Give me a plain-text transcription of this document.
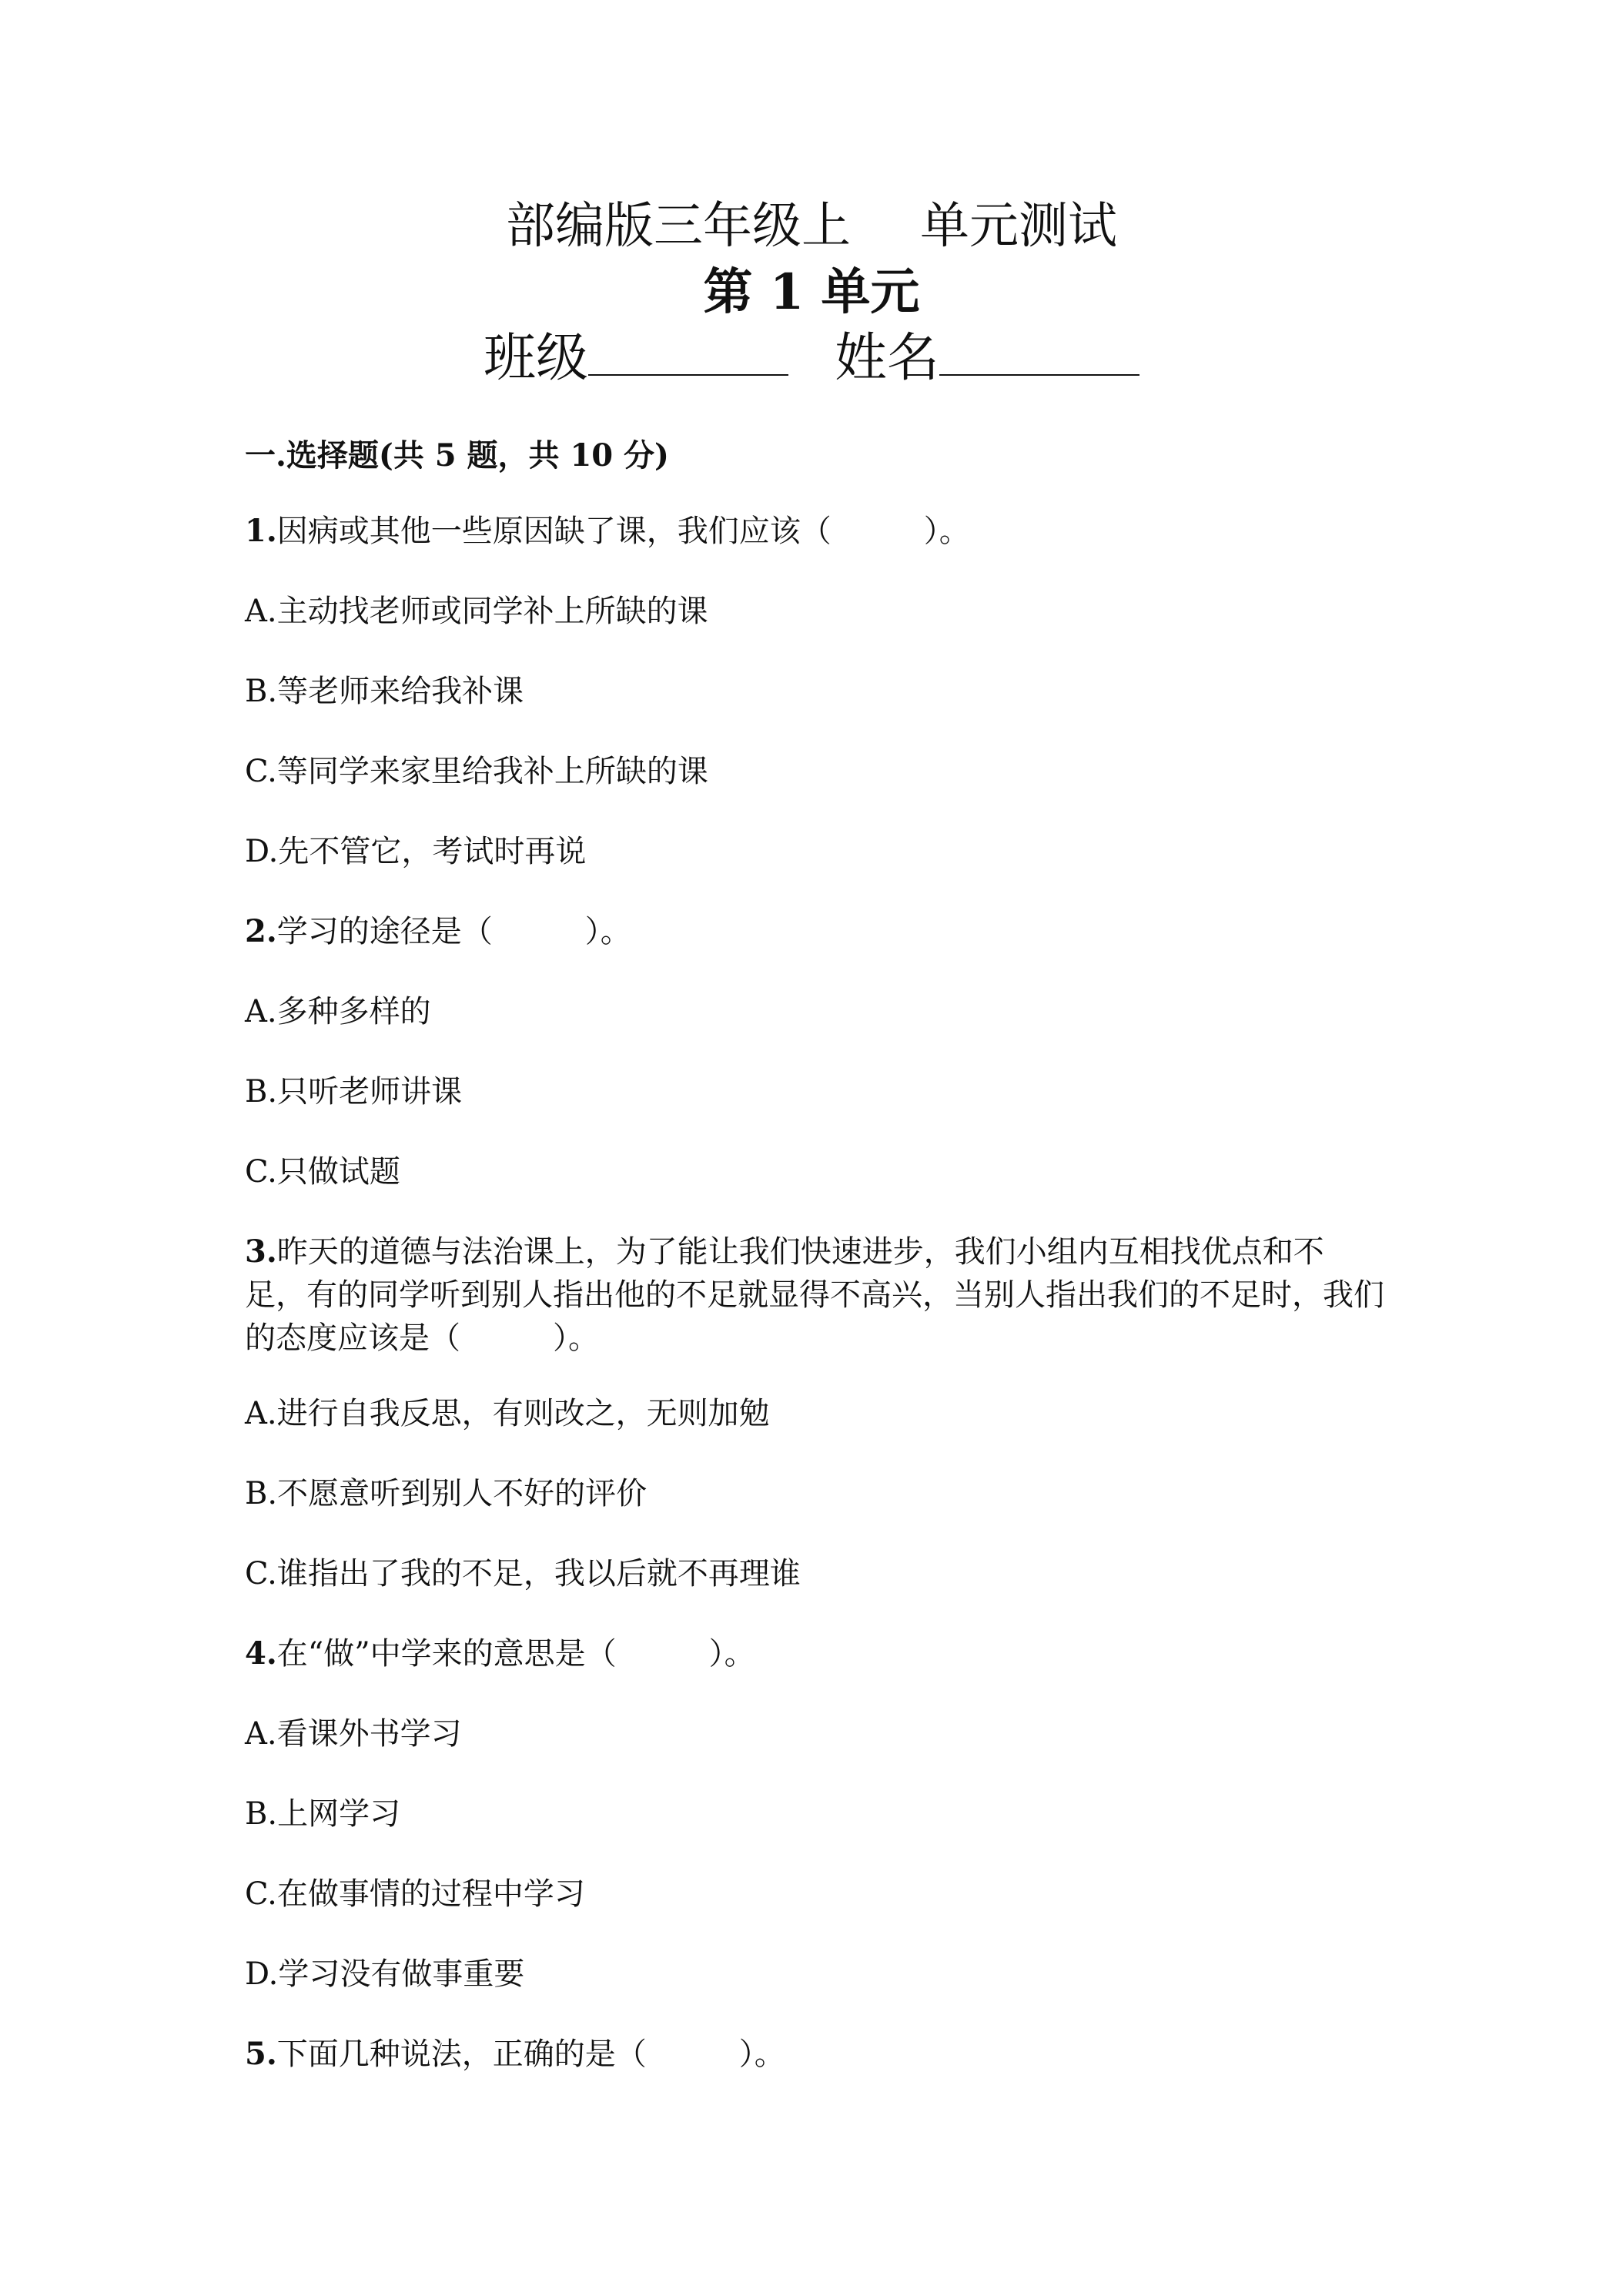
部编版三年级上 单元测试
第 1 单元
班级	姓名
一.选择题(共 5 题，共 10 分)
1.因病或其他一些原因缺了课，我们应该（　　　）。
A.主动找老师或同学补上所缺的课
B.等老师来给我补课
C.等同学来家里给我补上所缺的课
D.先不管它，考试时再说
2.学习的途径是（　　　）。
A.多种多样的
B.只听老师讲课
C.只做试题
3.昨天的道德与法治课上，为了能让我们快速进步，我们小组内互相找优点和不足，有的同学听到别人指出他的不足就显得不高兴，当别人指出我们的不足时，我们的态度应该是（　　　）。
A.进行自我反思，有则改之，无则加勉
B.不愿意听到别人不好的评价
C.谁指出了我的不足，我以后就不再理谁
4.在“做”中学来的意思是（　　　）。
A.看课外书学习
B.上网学习
C.在做事情的过程中学习
D.学习没有做事重要
5.下面几种说法，正确的是（　　　）。
